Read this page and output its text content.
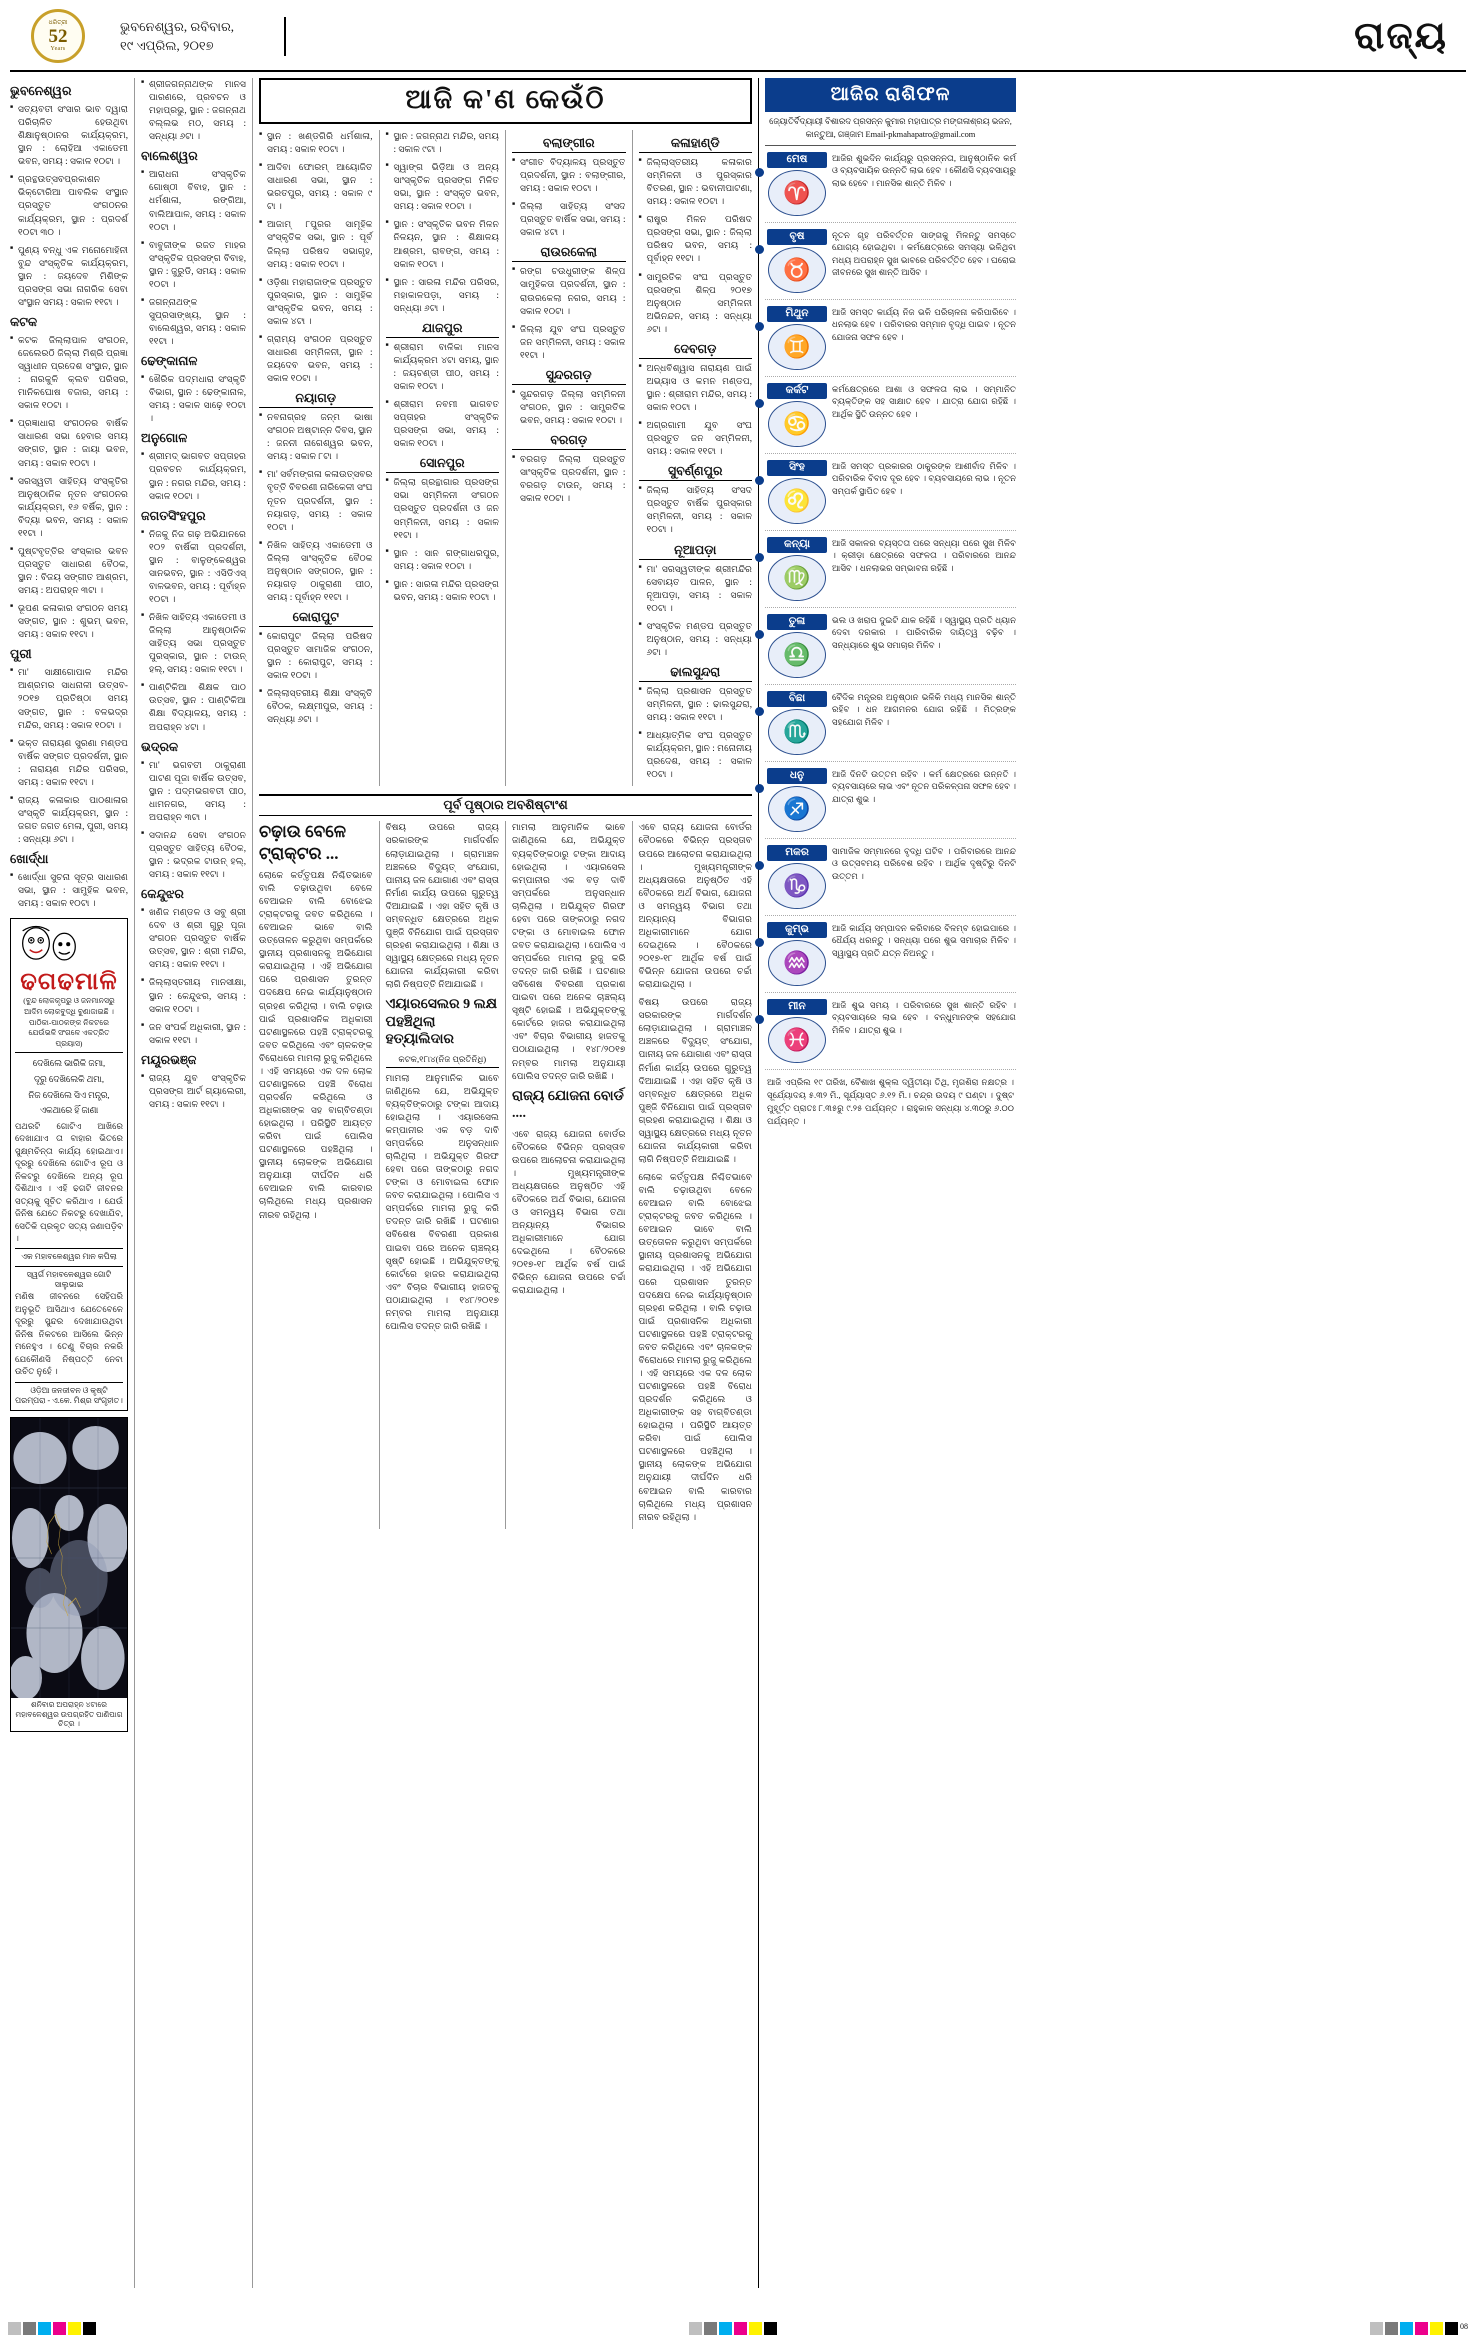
ଧରିତ୍ରୀ
52
Years
ଭୁବନେଶ୍ୱର, ରବିବାର,
୧୯ ଏପ୍ରିଲ, ୨୦୧୭	ରାଜ୍ୟ
ଭୁବନେଶ୍ୱର
■ ସତ୍ୟବତୀ ସଂସାର ଭାବ ଦ୍ୱାରା ପରିଚାଳିତ ହେଉଥିବା ଶିକ୍ଷାନୁଷ୍ଠାନର କାର୍ଯ୍ୟକ୍ରମ, ସ୍ଥାନ : ଲୋହିଆ ଏକାଡେମୀ ଭବନ, ସମୟ : ସକାଳ ୧୦ଟା ।
■ ଗ୍ରନ୍ଥଉତ୍ସବପ୍ରକାଶନ ଭିକ୍ଟୋରିଆ ପାବଲିକ ସଂସ୍ଥାନ ପ୍ରସ୍ତୁତ ସଂଗଠନର କାର୍ଯ୍ୟକ୍ରମ, ସ୍ଥାନ : ପ୍ରଦର୍ଶ ୧୦ଟା ୩୦ ।
■ ପୁଣ୍ୟ ବନ୍ଧୁ ଏକ ମନୋମୋହିନୀ ବୁନ୍ଦ ସଂସ୍କୃତିକ କାର୍ଯ୍ୟକ୍ରମ, ସ୍ଥାନ : ଜୟଦେବ ମିଶିଙ୍କ ପ୍ରସଙ୍ଗ ସଭା ନାଗରିକ ସେବା ସଂସ୍ଥାନ ସମୟ : ସକାଳ ୧୧ଟା ।
କଟକ
■ କଟକ ଜିଲ୍ଲାପାଳ ସଂଗଠନ, ଜେଲେରଠି ଜିଲ୍ଲା ମିଶ୍ରି ପ୍ରଜ୍ଞା ସ୍ୱାଧୀନ ପ୍ରଦେଶ ସଂସ୍ଥାନ, ସ୍ଥାନ : ନାରକୁଳି କ୍ଲବ ପରିସର, ମାନିକଘୋଷ ବଜାର, ସମୟ : ସକାଳ ୧୦ଟା ।
■ ପ୍ରଜ୍ଞାଧାରା ସଂଗଠନର ବାର୍ଷିକ ସାଧାରଣ ସଭା ହେବାର ସମୟ ସଙ୍ଗତ, ସ୍ଥାନ : ଜାୟା ଭବନ, ସମୟ : ସକାଳ ୧୦ଟା ।
■ ସରସ୍ୱତୀ ସାହିତ୍ୟ ସଂସ୍କୃତିର ଆନୁଷ୍ଠାନିକ ନୂତନ ସଂଗଠନର କାର୍ଯ୍ୟକ୍ରମ, ୧୬ ବର୍ଷିକ, ସ୍ଥାନ : ବିଦ୍ୟା ଭବନ, ସମୟ : ସକାଳ ୧୧ଟା ।
■ ପୁଷ୍ଟବୃତ୍ତିର ସଂସ୍କାର ଭବନ ପ୍ରସ୍ତୁତ ସାଧାରଣ ବୈଠକ, ସ୍ଥାନ : ବିଜୟ ସଙ୍ଗୀତ ଆଶ୍ରମ, ସମୟ : ଅପରାହ୍ନ ୩ଟା ।
■ ଭୂପଣ କଳାକାର ସଂଗଠନ ସମୟ ସଙ୍ଗତ, ସ୍ଥାନ : ଶୁଭମ୍ ଭବନ, ସମୟ : ସକାଳ ୧୧ଟା ।
ପୁରୀ
■ ମା' ସାକ୍ଷୀଗୋପାଳ ମନ୍ଦିର ଆଶ୍ରମର ସାଧନାଳୀ ଉତ୍ସବ- ୨୦୧୭ ପ୍ରତିଷ୍ଠା ସମୟ ସଙ୍ଗତ, ସ୍ଥାନ : ବଳଭଦ୍ର ମନ୍ଦିର, ସମୟ : ସକାଳ ୧୦ଟା ।
■ ଭକ୍ତ ନାରାୟଣ ସୁରଣା ମଣ୍ଡପ ବାର୍ଷିକ ସଙ୍ଗତ ପ୍ରଦର୍ଶନୀ, ସ୍ଥାନ : ନାରାୟଣ ମନ୍ଦିର ପରିସର, ସମୟ : ସକାଳ ୧୧ଟା ।
■ ରାଜ୍ୟ କଳାକାର ପାଠଶାଳାର ସଂସ୍କୃତି କାର୍ଯ୍ୟକ୍ରମ, ସ୍ଥାନ : ଜଗତ ଜଗତ ମେଳା, ପୁରୀ, ସମୟ : ସନ୍ଧ୍ୟା ୬ଟା ।
ଖୋର୍ଦ୍ଧା
■ ଖୋର୍ଦ୍ଧା ସୁଚନା ସୂତ୍ର ସାଧାରଣ ସଭା, ସ୍ଥାନ : ସାମୁହିକ ଭବନ, ସମୟ : ସକାଳ ୧୦ଟା ।
ଢଗଢମାଳି
(ବୁନ୍ଦ ଲୋକକୃପରୁ ଓ ଜନମାନସରୁ ଆଦିମ ଲୋକବୁଦ୍ଧି ବୁଣାଜାଇଛି । ପାଠିକା-ପାଠକଙ୍କ ନିକଟରେ ଯେଉଁଭଳି ସଂଗଳେ ଏକତ୍ରିତ ପ୍ରୟାସ)
ଦେଖିଲେ ଭାରିକି ଜମା,
ଦୂରୁ ଦେଖିଲେକି ଥମା,
ନିଜ ଦେଖିଲେ ସିଏ ମନ୍ତ୍ର,
ଏକଥାରେ ହିଁ ଜାଣା
ପଥରଟି ଗୋଟିଏ ଆଖିରେ ଦେଖାଯାଏ ତା ବାହାର ଭିତରେ ସୁକ୍ଷ୍ମଚିନ୍ତା କାର୍ଯ୍ୟ ହୋଇଥାଏ। ଦୂରରୁ ଦେଖିଲେ ଗୋଟିଏ ରୂପ ଓ ନିକଟରୁ ଦେଖିଲେ ଅନ୍ୟ ରୂପ ଦିଶିଥାଏ । ଏହି ଢଗଟି ଜୀବନର ସତ୍ୟକୁ ସୂଚିତ କରିଥାଏ । ଯେଉଁ ଜିନିଷ ଯେତେ ନିକଟରୁ ଦେଖାଯିବ, ସେତିକି ପ୍ରକୃତ ସତ୍ୟ ଜଣାପଡ଼ିବ ।
ଏକ ମହାବଳେଶ୍ୱର ମାନ କପିଲା
ସ୍ୱର୍ଗ ମହାବଳେଶ୍ୱର ଗୋଟି ସାଲୁଭାଇ
ମଣିଷ ଜୀବନରେ ସେହିପରି ଅନୁଭୂତି ଆସିଥାଏ ଯେତେବେଳେ ଦୂରରୁ ସୁନ୍ଦର ଦେଖାଯାଉଥିବା ଜିନିଷ ନିକଟରେ ଆସିଲେ ଭିନ୍ନ ମନେହୁଏ । ତେଣୁ ବିଚାର ନକରି ଯେକୌଣସି ନିଷ୍ପତ୍ତି ନେବା ଉଚିତ ନୁହେଁ ।
ଓଡ଼ିଆ ଜନଜୀବନ ଓ କୃଷ୍ଟି ପରମ୍ପରା - ଏ.କେ. ମିଶ୍ର ସଂଗୃହୀତ।
ଶନିବାର ଅପରାହ୍ନ ୪ଟାରେ ମହାବଳେଶ୍ୱର ଉପଗ୍ରହିତ ପାଣିପାଗ ଚିତ୍ର ।
■ ଶ୍ରୀଜଗନ୍ନାଥଙ୍କ ମାନସ ପାରଣରେ, ପ୍ରବଚନ ଓ ମହାପ୍ରଭୁ, ସ୍ଥାନ : ଜଗନ୍ନାଥ ବଲ୍ଲଭ ମଠ, ସମୟ : ସନ୍ଧ୍ୟା ୬ଟା ।
ବାଲେଶ୍ୱର
■ ଆରାଧନା ସଂସ୍କୃତିକ ଗୋଷ୍ଠୀ ବିବାହ, ସ୍ଥାନ : ଧର୍ମଶାଳା, ରଙ୍ଗିଆ, ବାଲିଆପାଳ, ସମୟ : ସକାଳ ୧୦ଟା ।
■ ବାବୁଜୀଙ୍କ ରଜତ ମାହର ସଂସ୍କୃତିକ ପ୍ରସଙ୍ଗ ବିବାହ, ସ୍ଥାନ : ଜୁରୁଡି, ସମୟ : ସକାଳ ୧୦ଟା ।
■ ଜଗନ୍ନାଥଙ୍କ ସୁପ୍ରସାଙ୍ଖ୍ୟ, ସ୍ଥାନ : ବାଲେଶ୍ୱର, ସମୟ : ସକାଳ ୧୧ଟା ।
ଢେଙ୍କାନାଳ
■ ଖୈରିକ ପଦ୍ମଧାରା ସଂସ୍କୃତି ବିଭାଗ, ସ୍ଥାନ : ଢେଙ୍କାନାଳ, ସମୟ : ସକାଳ ସାଢ଼େ ୧୦ଟା ।
ଅନୁଗୋଳ
■ ଶ୍ରୀମଦ୍ ଭାଗବତ ସପ୍ତାହର ପ୍ରବଚନ କାର୍ଯ୍ୟକ୍ରମ, ସ୍ଥାନ : ନଗର ମନ୍ଦିର, ସମୟ : ସକାଳ ୧୦ଟା ।
ଜଗତସିଂହପୁର
■ ନିଜକୁ ନିଜ ଗଢ଼ ଅଭିଯାନରେ ୧୦୨ ବାର୍ଷିକୀ ପ୍ରଦର୍ଶନୀ, ସ୍ଥାନ : ବାଳୁଙ୍କେଶ୍ୱର ସାନଭବନ, ସ୍ଥାନ : ଏସିଡିଏସ୍ ବାଳଭବନ, ସମୟ : ପୂର୍ବାହ୍ନ ୧୦ଟା ।
■ ନିଖିଳ ସାହିତ୍ୟ ଏକାଡେମୀ ଓ ଜିଲ୍ଲା ଆନୁଷ୍ଠାନିକ ସାହିତ୍ୟ ସଭା ପ୍ରସ୍ତୁତ ପୁରସ୍କାର, ସ୍ଥାନ : ଟାଉନ୍ ହଲ୍, ସମୟ : ସକାଳ ୧୧ଟା ।
■ ପାଣ୍ଟିକିଆ ଶିକ୍ଷକ ପାଠ ଉତ୍ସବ, ସ୍ଥାନ : ପାଣ୍ଟିକିଆ ଶିକ୍ଷା ବିଦ୍ୟାଳୟ, ସମୟ : ଅପରାହ୍ନ ୪ଟା ।
ଭଦ୍ରକ
■ ମା' ଭଗବତୀ ଠାକୁରାଣୀ ପାଟଣ ପୂଜା ବାର୍ଷିକ ଉତ୍ସବ, ସ୍ଥାନ : ପଦ୍ମଭଗବତୀ ପୀଠ, ଧାମନଗର, ସମୟ : ଅପରାହ୍ନ ୩ଟା ।
■ ସଦାନନ୍ଦ ସେବା ସଂଗଠନ ପ୍ରସ୍ତୁତ ସାହିତ୍ୟ ବୈଠକ, ସ୍ଥାନ : ଭଦ୍ରକ ଟାଉନ୍ ହଲ୍, ସମୟ : ସକାଳ ୧୧ଟା ।
କେନ୍ଦୁଝର
■ ଖଣିଜ ମଣ୍ଡଳ ଓ ସବୁ ଶ୍ରୀ ଦେବ ଓ ଶ୍ରୀ ଗୁରୁ ପୂଜା ସଂଗଠନ ପ୍ରସ୍ତୁତ ବାର୍ଷିକ ଉତ୍ସବ, ସ୍ଥାନ : ଶ୍ରୀ ମନ୍ଦିର, ସମୟ : ସକାଳ ୧୧ଟା ।
■ ଜିଲ୍ଲାସ୍ତରୀୟ ମାନସୀକ୍ଷା, ସ୍ଥାନ : କେନ୍ଦୁଝର, ସମୟ : ସକାଳ ୧୦ଟା ।
■ ଜନ ସଂପର୍କ ଅଧିକାରୀ, ସ୍ଥାନ : ସକାଳ ୧୧ଟା ।
ମୟୂରଭଞ୍ଜ
■ ରାଜ୍ୟ ଯୁବ ସଂସ୍କୃତିକ ପ୍ରସଙ୍ଗ ଆର୍ଟ ଗ୍ୟାଲେରୀ, ସମୟ : ସକାଳ ୧୧ଟା ।
ଆଜି କ'ଣ କେଉଁଠି
■ ସ୍ଥାନ : ଖଣ୍ଡଗିରି ଧର୍ମଶାଳା, ସମୟ : ସକାଳ ୧୦ଟା ।
■ ଆଦିବା ଫୋରମ୍ ଆୟୋଜିତ ସାଧାରଣ ସଭା, ସ୍ଥାନ : ଭରତପୁର, ସମୟ : ସକାଳ ୯ ଟା ।
■ ଆଜାମ୍ ୮ପୁରର ସାମୂହିକ ସଂସ୍କୃତିକ ସଭା, ସ୍ଥାନ : ପୂର୍ବ ଜିଲ୍ଲା ପରିଷଦ ସଭାଗୃହ, ସମୟ : ସକାଳ ୧୦ଟା ।
■ ଓଡ଼ିଶା ମହାରାଜାଙ୍କ ପ୍ରସ୍ତୁତ ପୁରସ୍କାର, ସ୍ଥାନ : ସାମୁହିକ ସାଂସ୍କୃତିକ ଭବନ, ସମୟ : ସକାଳ ୪ଟା ।
■ ଗ୍ରାମ୍ୟ ସଂଗଠନ ପ୍ରସ୍ତୁତ ସାଧାରଣ ସମ୍ମିଳନୀ, ସ୍ଥାନ : ଜୟଦେବ ଭବନ, ସମୟ : ସକାଳ ୧୦ଟା ।
ନୟାଗଡ଼
■ ନବନାଗ୍ରହ ଜନ୍ମ ଭାଷା ସଂଗଠନ ଅଷ୍ଟାନ୍ନ ଦିବସ, ସ୍ଥାନ : ଜନନୀ ନାଗେଶ୍ୱର ଭବନ, ସମୟ : ସକାଳ ୮ଟା ।
■ ମା' ସର୍ବମଙ୍ଗଳା କଳାଉତ୍ସବର ବୃତ୍ତି ବିବରଣୀ ନାରିକେଳୀ ସଂଘ ନୂତନ ପ୍ରଦର୍ଶନୀ, ସ୍ଥାନ : ନୟାଗଡ଼, ସମୟ : ସକାଳ ୧୦ଟା ।
■ ନିଖିଳ ସାହିତ୍ୟ ଏକାଡେମୀ ଓ ଜିଲ୍ଲା ସାଂସ୍କୃତିକ ବୈଠକ ଅନୁଷ୍ଠାନ ସଙ୍ଗଠନ, ସ୍ଥାନ : ନୟାଗଡ଼ ଠାକୁରାଣୀ ପୀଠ, ସମୟ : ପୂର୍ବାହ୍ନ ୧୧ଟା ।
କୋରାପୁଟ
■ କୋରାପୁଟ ଜିଲ୍ଲା ପରିଷଦ ପ୍ରସ୍ତୁତ ସାମାଜିକ ସଂଗଠନ, ସ୍ଥାନ : କୋରାପୁଟ, ସମୟ : ସକାଳ ୧୦ଟା ।
■ ଜିଲ୍ଲାସ୍ତରୀୟ ଶିକ୍ଷା ସଂସ୍କୃତି ବୈଠକ, ଲକ୍ଷ୍ମୀପୁର, ସମୟ : ସନ୍ଧ୍ୟା ୬ଟା ।
■ ସ୍ଥାନ : ଜଗନ୍ନାଥ ମନ୍ଦିର, ସମୟ : ସକାଳ ୯ଟା ।
■ ସ୍ୱାଙ୍ଗ ଭିଡ଼ିଆ ଓ ଅନ୍ୟ ସାଂସ୍କୃତିକ ପ୍ରସଙ୍ଗ ମିଳିତ ସଭା, ସ୍ଥାନ : ସଂସ୍କୃତ ଭବନ, ସମୟ : ସକାଳ ୧୦ଟା ।
■ ସ୍ଥାନ : ସଂସ୍କୃତିକ ଭବନ ମିଳନ ନିଳୟନ, ସ୍ଥାନ : ଶିକ୍ଷାଳୟ ଆଶ୍ରମ, ରାବଙ୍ଗ, ସମୟ : ସକାଳ ୧୦ଟା ।
■ ସ୍ଥାନ : ସାରଳା ମନ୍ଦିର ପରିସର, ମହାକାଳପଡ଼ା, ସମୟ : ସନ୍ଧ୍ୟା ୬ଟା ।
ଯାଜପୁର
■ ଶ୍ରୀରାମ ବାଳିକା ମାନସ କାର୍ଯ୍ୟକ୍ରମ ୪ଟା ସମୟ, ସ୍ଥାନ : ଜୟଚଣ୍ଡୀ ପୀଠ, ସମୟ : ସକାଳ ୧୦ଟା ।
■ ଶ୍ରୀରାମ ନବମୀ ଭାଗବତ ସପ୍ତାହର ସଂସ୍କୃତିକ ପ୍ରସଙ୍ଗ ସଭା, ସମୟ : ସକାଳ ୧୦ଟା ।
ସୋନପୁର
■ ଜିଲ୍ଲା ଗ୍ରନ୍ଥାଗାର ପ୍ରସଙ୍ଗ ସଭା ସମ୍ମିଳନୀ ସଂଗଠନ ପ୍ରସ୍ତୁତ ପ୍ରଦର୍ଶନୀ ଓ ଜନ ସମ୍ମିଳନୀ, ସମୟ : ସକାଳ ୧୧ଟା ।
■ ସ୍ଥାନ : ସାନ ଗଙ୍ଗାଧରପୁର, ସମୟ : ସକାଳ ୧୦ଟା ।
■ ସ୍ଥାନ : ସାରଳା ମନ୍ଦିର ପ୍ରସଙ୍ଗ ଭବନ, ସମୟ : ସକାଳ ୧୦ଟା ।
ବଲାଙ୍ଗୀର
■ ସଂଗୀତ ବିଦ୍ୟାଳୟ ପ୍ରସ୍ତୁତ ପ୍ରଦର୍ଶନୀ, ସ୍ଥାନ : ବଲାଙ୍ଗୀର, ସମୟ : ସକାଳ ୧୦ଟା ।
■ ଜିଲ୍ଲା ସାହିତ୍ୟ ସଂସଦ ପ୍ରସ୍ତୁତ ବାର୍ଷିକ ସଭା, ସମୟ : ସକାଳ ୪ଟା ।
ରାଉରକେଲା
■ ରଙ୍ଗ ଚଉଧୁରୀଙ୍କ ଶିଳ୍ପ ସାମୁହିକତା ପ୍ରଦର୍ଶନୀ, ସ୍ଥାନ : ରାଉରକେଲା ନଗର, ସମୟ : ସକାଳ ୧୦ଟା ।
■ ଜିଲ୍ଲା ଯୁବ ସଂଘ ପ୍ରସ୍ତୁତ ଜନ ସମ୍ମିଳନୀ, ସମୟ : ସକାଳ ୧୧ଟା ।
ସୁନ୍ଦରଗଡ଼
■ ସୁନ୍ଦରଗଡ଼ ଜିଲ୍ଲା ସମ୍ମିଳନୀ ସଂଗଠନ, ସ୍ଥାନ : ସାମ୍ପ୍ରତିକ ଭବନ, ସମୟ : ସକାଳ ୧୦ଟା ।
ବରଗଡ଼
■ ବରଗଡ଼ ଜିଲ୍ଲା ପ୍ରସ୍ତୁତ ସାଂସ୍କୃତିକ ପ୍ରଦର୍ଶନୀ, ସ୍ଥାନ : ବରଗଡ଼ ଟାଉନ୍, ସମୟ : ସକାଳ ୧୦ଟା ।
କଳାହାଣ୍ଡି
■ ଜିଲ୍ଲାସ୍ତରୀୟ କଳାକାର ସମ୍ମିଳନୀ ଓ ପୁରସ୍କାର ବିତରଣ, ସ୍ଥାନ : ଭବାନୀପାଟଣା, ସମୟ : ସକାଳ ୧୦ଟା ।
■ ରାଷ୍ଟ୍ର ମିଳନ ପରିଷଦ ପ୍ରସଙ୍ଗ ସଭା, ସ୍ଥାନ : ଜିଲ୍ଲା ପରିଷଦ ଭବନ, ସମୟ : ପୂର୍ବାହ୍ନ ୧୧ଟା ।
■ ସାମ୍ପ୍ରତିକ ସଂଘ ପ୍ରସ୍ତୁତ ପ୍ରସଙ୍ଗ ଶିଳ୍ପ ୨୦୧୭ ଅନୁଷ୍ଠାନ ସମ୍ମିଳନୀ ଅଭିନନ୍ଦନ, ସମୟ : ସନ୍ଧ୍ୟା ୬ଟା ।
ଦେବଗଡ଼
■ ଅନ୍ଧବିଶ୍ୱାସ ନାରାୟଣ ପାଇଁ ଅଭ୍ୟାସ ଓ କମନ ମଣ୍ଡପ, ସ୍ଥାନ : ଶ୍ରୀରାମ ମନ୍ଦିର, ସମୟ : ସକାଳ ୧୦ଟା ।
■ ଅଗ୍ରଗାମୀ ଯୁବ ସଂଘ ପ୍ରସ୍ତୁତ ଜନ ସମ୍ମିଳନୀ, ସମୟ : ସକାଳ ୧୧ଟା ।
ସୁବର୍ଣ୍ଣପୁର
■ ଜିଲ୍ଲା ସାହିତ୍ୟ ସଂସଦ ପ୍ରସ୍ତୁତ ବାର୍ଷିକ ପୁରସ୍କାର ସମ୍ମିଳନୀ, ସମୟ : ସକାଳ ୧୦ଟା ।
ନୂଆପଡ଼ା
■ ମା' ସରସ୍ୱତୀଙ୍କ ଶ୍ରୀମନ୍ଦିର ସେବାୟତ ପାଳନ, ସ୍ଥାନ : ନୂଆପଡ଼ା, ସମୟ : ସକାଳ ୧୦ଟା ।
■ ସଂସ୍କୃତିକ ମଣ୍ଡପ ପ୍ରସ୍ତୁତ ଅନୁଷ୍ଠାନ, ସମୟ : ସନ୍ଧ୍ୟା ୬ଟା ।
ଢାଲସୁନ୍ଦରା
■ ଜିଲ୍ଲା ପ୍ରଶାସନ ପ୍ରସ୍ତୁତ ସମ୍ମିଳନୀ, ସ୍ଥାନ : ଢାଲସୁନ୍ଦରା, ସମୟ : ସକାଳ ୧୧ଟା ।
■ ଆଧ୍ୟାତ୍ମିକ ସଂଘ ପ୍ରସ୍ତୁତ କାର୍ଯ୍ୟକ୍ରମ, ସ୍ଥାନ : ମନୋନୀୟ ପ୍ରଦେଶ, ସମୟ : ସକାଳ ୧୦ଟା ।
ପୂର୍ବ ପୃଷ୍ଠାର ଅବଶିଷ୍ଟାଂଶ
ଚଢ଼ାଉ ବେଳେ ଟ୍ରାକ୍ଟର ...
ଲୋକେ କର୍ତ୍ତୃପକ୍ଷ ନିଶ୍ଚିତଭାବେ ବାଲି ଚଢ଼ାଉଥିବା ବେଳେ ବେଆଇନ ବାଲି ବୋଝେଇ ଟ୍ରାକ୍ଟରକୁ ଜବତ କରିଥିଲେ । ବେଆଇନ ଭାବେ ବାଲି ଉତ୍ତୋଳନ କରୁଥିବା ସମ୍ପର୍କରେ ସ୍ଥାନୀୟ ପ୍ରଶାସନକୁ ଅଭିଯୋଗ କରାଯାଇଥିଲା । ଏହି ଅଭିଯୋଗ ପରେ ପ୍ରଶାସନ ତୁରନ୍ତ ପଦକ୍ଷେପ ନେଇ କାର୍ଯ୍ୟାନୁଷ୍ଠାନ ଗ୍ରହଣ କରିଥିଲା । ବାଲି ଚଢ଼ାଉ ପାଇଁ ପ୍ରଶାସନିକ ଅଧିକାରୀ ଘଟଣାସ୍ଥଳରେ ପହଞ୍ଚି ଟ୍ରାକ୍ଟରକୁ ଜବତ କରିଥିଲେ ଏବଂ ଚାଳକଙ୍କ ବିରୋଧରେ ମାମଲା ରୁଜୁ କରିଥିଲେ । ଏହି ସମୟରେ ଏକ ଦଳ ଲୋକ ଘଟଣାସ୍ଥଳରେ ପହଞ୍ଚି ବିରୋଧ ପ୍ରଦର୍ଶନ କରିଥିଲେ ଓ ଅଧିକାରୀଙ୍କ ସହ ବାଗ୍ବିତଣ୍ଡା ହୋଇଥିଲା । ପରିସ୍ଥିତି ଆୟତ୍ତ କରିବା ପାଇଁ ପୋଲିସ ଘଟଣାସ୍ଥଳରେ ପହଞ୍ଚିଥିଲା । ସ୍ଥାନୀୟ ଲୋକଙ୍କ ଅଭିଯୋଗ ଅନୁଯାୟୀ ଦୀର୍ଘଦିନ ଧରି ବେଆଇନ ବାଲି କାରବାର ଚାଲିଥିଲେ ମଧ୍ୟ ପ୍ରଶାସନ ନୀରବ ରହିଥିଲା ।
ବିଷୟ ଉପରେ ରାଜ୍ୟ ସରକାରଙ୍କ ମାର୍ଗଦର୍ଶନ ଲୋଡ଼ାଯାଇଥିଲା । ଗ୍ରାମାଞ୍ଚଳ ଅଞ୍ଚଳରେ ବିଦ୍ୟୁତ୍ ସଂଯୋଗ, ପାନୀୟ ଜଳ ଯୋଗାଣ ଏବଂ ରାସ୍ତା ନିର୍ମାଣ କାର୍ଯ୍ୟ ଉପରେ ଗୁରୁତ୍ୱ ଦିଆଯାଇଛି । ଏହା ସହିତ କୃଷି ଓ ସମ୍ବନ୍ଧିତ କ୍ଷେତ୍ରରେ ଅଧିକ ପୁଞ୍ଜି ବିନିଯୋଗ ପାଇଁ ପ୍ରସ୍ତାବ ଗ୍ରହଣ କରାଯାଇଥିଲା । ଶିକ୍ଷା ଓ ସ୍ୱାସ୍ଥ୍ୟ କ୍ଷେତ୍ରରେ ମଧ୍ୟ ନୂତନ ଯୋଜନା କାର୍ଯ୍ୟକାରୀ କରିବା ଲାଗି ନିଷ୍ପତ୍ତି ନିଆଯାଇଛି ।
ଏୟାରସେଲର 9 ଲକ୍ଷ ପହଞ୍ଚିଥିଲା ହତ୍ୟାଲିଦାର
କଟକ,୧୮ା୪(ନିଜ ପ୍ରତିନିଧି)
ମାମଲା ଆନୁମାନିକ ଭାବେ ଜାଣିଥିଲେ ଯେ, ଅଭିଯୁକ୍ତ ବ୍ୟକ୍ତିଙ୍କଠାରୁ ଟଙ୍କା ଆଦାୟ ହୋଇଥିଲା । ଏୟାରସେଲ କମ୍ପାନୀର ଏକ ବଡ଼ ଦାବି ସମ୍ପର୍କରେ ଅନୁସନ୍ଧାନ ଚାଲିଥିଲା । ଅଭିଯୁକ୍ତ ଗିରଫ ହେବା ପରେ ତାଙ୍କଠାରୁ ନଗଦ ଟଙ୍କା ଓ ମୋବାଇଲ ଫୋନ ଜବତ କରାଯାଇଥିଲା । ପୋଲିସ ଏ ସମ୍ପର୍କରେ ମାମଲା ରୁଜୁ କରି ତଦନ୍ତ ଜାରି ରଖିଛି । ଘଟଣାର ସବିଶେଷ ବିବରଣୀ ପ୍ରକାଶ ପାଇବା ପରେ ଅନେକ ଚାଞ୍ଚଲ୍ୟ ସୃଷ୍ଟି ହୋଇଛି । ଅଭିଯୁକ୍ତଙ୍କୁ କୋର୍ଟରେ ହାଜର କରାଯାଇଥିଲା ଏବଂ ବିଚାର ବିଭାଗୀୟ ହାଜତକୁ ପଠାଯାଇଥିଲା । ୧୪୮/୨୦୧୭ ନମ୍ବର ମାମଲା ଅନୁଯାୟୀ ପୋଲିସ ତଦନ୍ତ ଜାରି ରଖିଛି ।
ମାମଲା ଆନୁମାନିକ ଭାବେ ଜାଣିଥିଲେ ଯେ, ଅଭିଯୁକ୍ତ ବ୍ୟକ୍ତିଙ୍କଠାରୁ ଟଙ୍କା ଆଦାୟ ହୋଇଥିଲା । ଏୟାରସେଲ କମ୍ପାନୀର ଏକ ବଡ଼ ଦାବି ସମ୍ପର୍କରେ ଅନୁସନ୍ଧାନ ଚାଲିଥିଲା । ଅଭିଯୁକ୍ତ ଗିରଫ ହେବା ପରେ ତାଙ୍କଠାରୁ ନଗଦ ଟଙ୍କା ଓ ମୋବାଇଲ ଫୋନ ଜବତ କରାଯାଇଥିଲା । ପୋଲିସ ଏ ସମ୍ପର୍କରେ ମାମଲା ରୁଜୁ କରି ତଦନ୍ତ ଜାରି ରଖିଛି । ଘଟଣାର ସବିଶେଷ ବିବରଣୀ ପ୍ରକାଶ ପାଇବା ପରେ ଅନେକ ଚାଞ୍ଚଲ୍ୟ ସୃଷ୍ଟି ହୋଇଛି । ଅଭିଯୁକ୍ତଙ୍କୁ କୋର୍ଟରେ ହାଜର କରାଯାଇଥିଲା ଏବଂ ବିଚାର ବିଭାଗୀୟ ହାଜତକୁ ପଠାଯାଇଥିଲା । ୧୪୮/୨୦୧୭ ନମ୍ବର ମାମଲା ଅନୁଯାୟୀ ପୋଲିସ ତଦନ୍ତ ଜାରି ରଖିଛି ।
ରାଜ୍ୟ ଯୋଜନା ବୋର୍ଡ ....
ଏବେ ରାଜ୍ୟ ଯୋଜନା ବୋର୍ଡର ବୈଠକରେ ବିଭିନ୍ନ ପ୍ରସ୍ତାବ ଉପରେ ଆଲୋଚନା କରାଯାଇଥିଲା । ମୁଖ୍ୟମନ୍ତ୍ରୀଙ୍କ ଅଧ୍ୟକ୍ଷତାରେ ଅନୁଷ୍ଠିତ ଏହି ବୈଠକରେ ଅର୍ଥ ବିଭାଗ, ଯୋଜନା ଓ ସମନ୍ୱୟ ବିଭାଗ ତଥା ଅନ୍ୟାନ୍ୟ ବିଭାଗର ଅଧିକାରୀମାନେ ଯୋଗ ଦେଇଥିଲେ । ବୈଠକରେ ୨୦୧୭-୧୮ ଆର୍ଥିକ ବର୍ଷ ପାଇଁ ବିଭିନ୍ନ ଯୋଜନା ଉପରେ ଚର୍ଚ୍ଚା କରାଯାଇଥିଲା ।
ଏବେ ରାଜ୍ୟ ଯୋଜନା ବୋର୍ଡର ବୈଠକରେ ବିଭିନ୍ନ ପ୍ରସ୍ତାବ ଉପରେ ଆଲୋଚନା କରାଯାଇଥିଲା । ମୁଖ୍ୟମନ୍ତ୍ରୀଙ୍କ ଅଧ୍ୟକ୍ଷତାରେ ଅନୁଷ୍ଠିତ ଏହି ବୈଠକରେ ଅର୍ଥ ବିଭାଗ, ଯୋଜନା ଓ ସମନ୍ୱୟ ବିଭାଗ ତଥା ଅନ୍ୟାନ୍ୟ ବିଭାଗର ଅଧିକାରୀମାନେ ଯୋଗ ଦେଇଥିଲେ । ବୈଠକରେ ୨୦୧୭-୧୮ ଆର୍ଥିକ ବର୍ଷ ପାଇଁ ବିଭିନ୍ନ ଯୋଜନା ଉପରେ ଚର୍ଚ୍ଚା କରାଯାଇଥିଲା ।
ବିଷୟ ଉପରେ ରାଜ୍ୟ ସରକାରଙ୍କ ମାର୍ଗଦର୍ଶନ ଲୋଡ଼ାଯାଇଥିଲା । ଗ୍ରାମାଞ୍ଚଳ ଅଞ୍ଚଳରେ ବିଦ୍ୟୁତ୍ ସଂଯୋଗ, ପାନୀୟ ଜଳ ଯୋଗାଣ ଏବଂ ରାସ୍ତା ନିର୍ମାଣ କାର୍ଯ୍ୟ ଉପରେ ଗୁରୁତ୍ୱ ଦିଆଯାଇଛି । ଏହା ସହିତ କୃଷି ଓ ସମ୍ବନ୍ଧିତ କ୍ଷେତ୍ରରେ ଅଧିକ ପୁଞ୍ଜି ବିନିଯୋଗ ପାଇଁ ପ୍ରସ୍ତାବ ଗ୍ରହଣ କରାଯାଇଥିଲା । ଶିକ୍ଷା ଓ ସ୍ୱାସ୍ଥ୍ୟ କ୍ଷେତ୍ରରେ ମଧ୍ୟ ନୂତନ ଯୋଜନା କାର୍ଯ୍ୟକାରୀ କରିବା ଲାଗି ନିଷ୍ପତ୍ତି ନିଆଯାଇଛି ।
ଲୋକେ କର୍ତ୍ତୃପକ୍ଷ ନିଶ୍ଚିତଭାବେ ବାଲି ଚଢ଼ାଉଥିବା ବେଳେ ବେଆଇନ ବାଲି ବୋଝେଇ ଟ୍ରାକ୍ଟରକୁ ଜବତ କରିଥିଲେ । ବେଆଇନ ଭାବେ ବାଲି ଉତ୍ତୋଳନ କରୁଥିବା ସମ୍ପର୍କରେ ସ୍ଥାନୀୟ ପ୍ରଶାସନକୁ ଅଭିଯୋଗ କରାଯାଇଥିଲା । ଏହି ଅଭିଯୋଗ ପରେ ପ୍ରଶାସନ ତୁରନ୍ତ ପଦକ୍ଷେପ ନେଇ କାର୍ଯ୍ୟାନୁଷ୍ଠାନ ଗ୍ରହଣ କରିଥିଲା । ବାଲି ଚଢ଼ାଉ ପାଇଁ ପ୍ରଶାସନିକ ଅଧିକାରୀ ଘଟଣାସ୍ଥଳରେ ପହଞ୍ଚି ଟ୍ରାକ୍ଟରକୁ ଜବତ କରିଥିଲେ ଏବଂ ଚାଳକଙ୍କ ବିରୋଧରେ ମାମଲା ରୁଜୁ କରିଥିଲେ । ଏହି ସମୟରେ ଏକ ଦଳ ଲୋକ ଘଟଣାସ୍ଥଳରେ ପହଞ୍ଚି ବିରୋଧ ପ୍ରଦର୍ଶନ କରିଥିଲେ ଓ ଅଧିକାରୀଙ୍କ ସହ ବାଗ୍ବିତଣ୍ଡା ହୋଇଥିଲା । ପରିସ୍ଥିତି ଆୟତ୍ତ କରିବା ପାଇଁ ପୋଲିସ ଘଟଣାସ୍ଥଳରେ ପହଞ୍ଚିଥିଲା । ସ୍ଥାନୀୟ ଲୋକଙ୍କ ଅଭିଯୋଗ ଅନୁଯାୟୀ ଦୀର୍ଘଦିନ ଧରି ବେଆଇନ ବାଲି କାରବାର ଚାଲିଥିଲେ ମଧ୍ୟ ପ୍ରଶାସନ ନୀରବ ରହିଥିଲା ।
ଆଜିର ରାଶିଫଳ
ଜ୍ୟୋତିର୍ବିଦ୍ୟାୟୀ ବିଶାରଦ ପ୍ରସନ୍ନ କୁମାର ମହାପାତ୍ର ମଙ୍ଗଳାଶ୍ରୟ ଭଜନ, କାନ୍ତୁଆ, ଗଞ୍ଜାମ Email-pkmahapatro@gmail.com
ମେଷ
♈
ଆଜିର ଶୁଭଦିନ କାର୍ଯ୍ୟରୁ ପ୍ରସନ୍ନତା, ଆନୁଷ୍ଠାନିକ କର୍ମ ଓ ବ୍ୟବସାୟିକ ଉନ୍ନତି ଲାଭ ହେବ । କୌଣସି ବ୍ୟବସାୟରୁ ଲାଭ ହେବେ । ମାନସିକ ଶାନ୍ତି ମିଳିବ ।
ବୃଷ
♉
ନୂତନ ଗୃହ ପରିବର୍ତ୍ତନ ସାଙ୍ଗକୁ ମିଳନ୍ତୁ ସମସ୍ତେ ଯୋଗ୍ୟ ହୋଇଥିବା । କର୍ମକ୍ଷେତ୍ରରେ ସମସ୍ୟା ଭଳିଥିବା ମଧ୍ୟ ଅପରାହ୍ନ ସୁଖ ଭାବରେ ପରିବର୍ତ୍ତିତ ହେବ । ଘରୋଇ ଜୀବନରେ ସୁଖ ଶାନ୍ତି ଆସିବ ।
ମିଥୁନ
♊
ଆଜି ସମସ୍ତ କାର୍ଯ୍ୟ ନିଜ ଭଳି ପରିଚାଳନା କରିପାରିବେ । ଧନଲାଭ ହେବ । ପରିବାରର ସମ୍ମାନ ବୃଦ୍ଧି ପାଇବ । ନୂତନ ଯୋଜନା ସଫଳ ହେବ ।
କର୍କଟ
♋
କର୍ମକ୍ଷେତ୍ରରେ ଆଶା ଓ ସଫଳତା ଲାଭ । ସମ୍ମାନିତ ବ୍ୟକ୍ତିଙ୍କ ସହ ସାକ୍ଷାତ ହେବ । ଯାତ୍ରା ଯୋଗ ରହିଛି । ଆର୍ଥିକ ସ୍ଥିତି ଉନ୍ନତ ହେବ ।
ସିଂହ
♌
ଆଜି ସମସ୍ତ ପ୍ରକାରର ଠାକୁରଙ୍କ ଆଶୀର୍ବାଦ ମିଳିବ । ପରିବାରିକ ବିବାଦ ଦୂର ହେବ । ବ୍ୟବସାୟରେ ଲାଭ । ନୂତନ ସମ୍ପର୍କ ସ୍ଥାପିତ ହେବ ।
କନ୍ୟା
♍
ଆଜି ସକାଳର ବ୍ୟସ୍ତତା ପରେ ସନ୍ଧ୍ୟା ପରେ ସୁଖ ମିଳିବ । କ୍ରୀଡ଼ା କ୍ଷେତ୍ରରେ ସଫଳତା । ପରିବାରରେ ଆନନ୍ଦ ଆସିବ । ଧନଲାଭର ସମ୍ଭାବନା ରହିଛି ।
ତୁଳା
♎
ଭଲ ଓ ଖରାପ ଦୁଇଟି ଯାକ ରହିଛି । ସ୍ୱାସ୍ଥ୍ୟ ପ୍ରତି ଧ୍ୟାନ ଦେବା ଦରକାର । ପାରିବାରିକ ଦାୟିତ୍ୱ ବଢ଼ିବ । ସନ୍ଧ୍ୟାରେ ଶୁଭ ସମାଚାର ମିଳିବ ।
ବିଛା
♏
ବୈଦିକ ମନ୍ତ୍ରର ଅନୁଷ୍ଠାନ ଭଳିକି ମଧ୍ୟ ମାନସିକ ଶାନ୍ତି ରହିବ । ଧନ ଆଗମନର ଯୋଗ ରହିଛି । ମିତ୍ରଙ୍କ ସହଯୋଗ ମିଳିବ ।
ଧନୁ
♐
ଆଜି ଦିନଟି ଉତ୍ତମ ରହିବ । କର୍ମ କ୍ଷେତ୍ରରେ ଉନ୍ନତି । ବ୍ୟବସାୟରେ ଲାଭ ଏବଂ ନୂତନ ପରିକଳ୍ପନା ସଫଳ ହେବ । ଯାତ୍ରା ଶୁଭ ।
ମକର
♑
ସାମାଜିକ ସମ୍ମାନରେ ବୃଦ୍ଧି ଘଟିବ । ପରିବାରରେ ଆନନ୍ଦ ଓ ଉତ୍ସବମୟ ପରିବେଶ ରହିବ । ଆର୍ଥିକ ଦୃଷ୍ଟିରୁ ଦିନଟି ଉତ୍ତମ ।
କୁମ୍ଭ
♒
ଆଜି କାର୍ଯ୍ୟ ସମ୍ପାଦନ କରିବାରେ ବିଳମ୍ବ ହୋଇପାରେ । ଧୈର୍ଯ୍ୟ ଧରନ୍ତୁ । ସନ୍ଧ୍ୟା ପରେ ଶୁଭ ସମାଚାର ମିଳିବ । ସ୍ୱାସ୍ଥ୍ୟ ପ୍ରତି ଯତ୍ନ ନିଅନ୍ତୁ ।
ମୀନ
♓
ଆଜି ଶୁଭ ସମୟ । ପରିବାରରେ ସୁଖ ଶାନ୍ତି ରହିବ । ବ୍ୟବସାୟରେ ଲାଭ ହେବ । ବନ୍ଧୁମାନଙ୍କ ସହଯୋଗ ମିଳିବ । ଯାତ୍ରା ଶୁଭ ।
ଆଜି ଏପ୍ରିଲ ୧୯ ତାରିଖ, ବୈଶାଖ ଶୁକ୍ଲ ଦ୍ୱିତୀୟା ତିଥି, ମୃଗଶିରା ନକ୍ଷତ୍ର । ସୂର୍ଯ୍ୟୋଦୟ ୫.୩୨ ମି., ସୂର୍ଯ୍ୟାସ୍ତ ୬.୧୨ ମି.। ଚନ୍ଦ୍ର ଉଦୟ ୯ ଘଣ୍ଟା । ଦୁଷ୍ଟ ମୁହୂର୍ତ୍ତ ପ୍ରାତଃ ୮.୩୫ରୁ ୯.୨୫ ପର୍ଯ୍ୟନ୍ତ । ରାହୁକାଳ ସନ୍ଧ୍ୟା ୪.୩୦ରୁ ୬.୦୦ ପର୍ଯ୍ୟନ୍ତ ।
08
